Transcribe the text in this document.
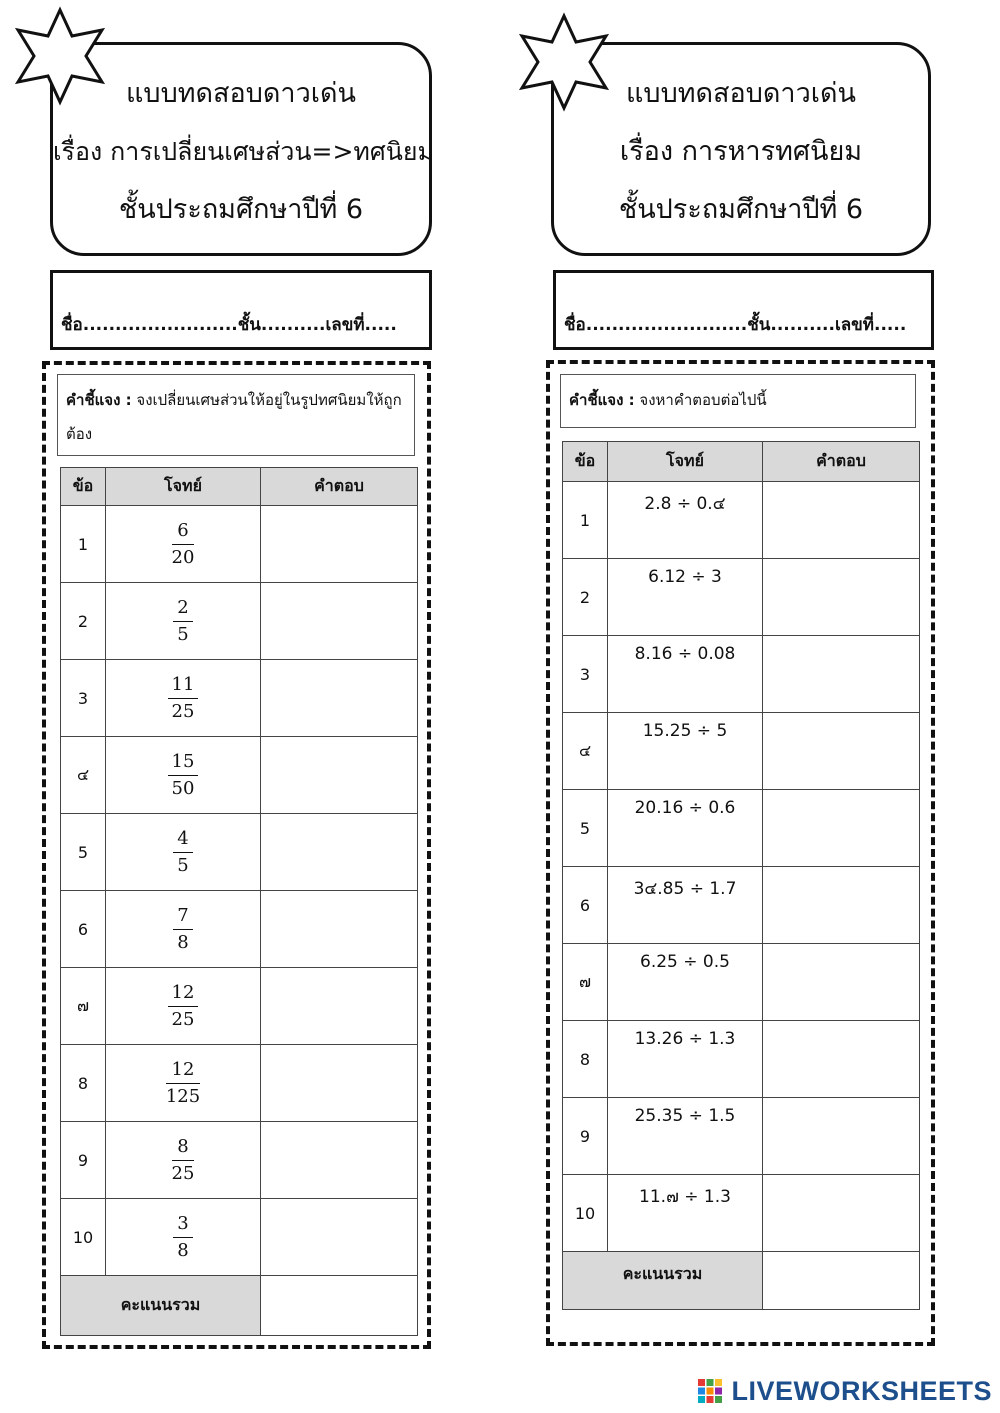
แบบทดสอบดาวเด่น
เรื่อง การเปลี่ยนเศษส่วน=>ทศนิยม
ชั้นประถมศึกษาปีที่ 6
ชื่อ........................ชั้น..........เลขที่.....
คำชี้แจง : จงเปลี่ยนเศษส่วนให้อยู่ในรูปทศนิยมให้ถูกต้อง
ข้อ	โจทย์	คำตอบ
1	$\frac{6}{20}$

2	$\frac{2}{5}$

3	$\frac{11}{25}$

๔	$\frac{15}{50}$

5	$\frac{4}{5}$

6	$\frac{7}{8}$

๗	$\frac{12}{25}$

8	$\frac{12}{125}$

9	$\frac{8}{25}$

10	$\frac{3}{8}$

คะแนนรวม		
แบบทดสอบดาวเด่น
เรื่อง การหารทศนิยม
ชั้นประถมศึกษาปีที่ 6
ชื่อ.........................ชั้น..........เลขที่.....
คำชี้แจง : จงหาคำตอบต่อไปนี้
ข้อ	โจทย์	คำตอบ
1	2.8 ÷ 0.๔	
2	6.12 ÷ 3	
3	8.16 ÷ 0.08	
๔	15.25 ÷ 5	
5	20.16 ÷ 0.6	
6	3๔.85 ÷ 1.7	
๗	6.25 ÷ 0.5	
8	13.26 ÷ 1.3	
9	25.35 ÷ 1.5	
10	11.๗ ÷ 1.3	
คะแนนรวม		
LIVEWORKSHEETS
